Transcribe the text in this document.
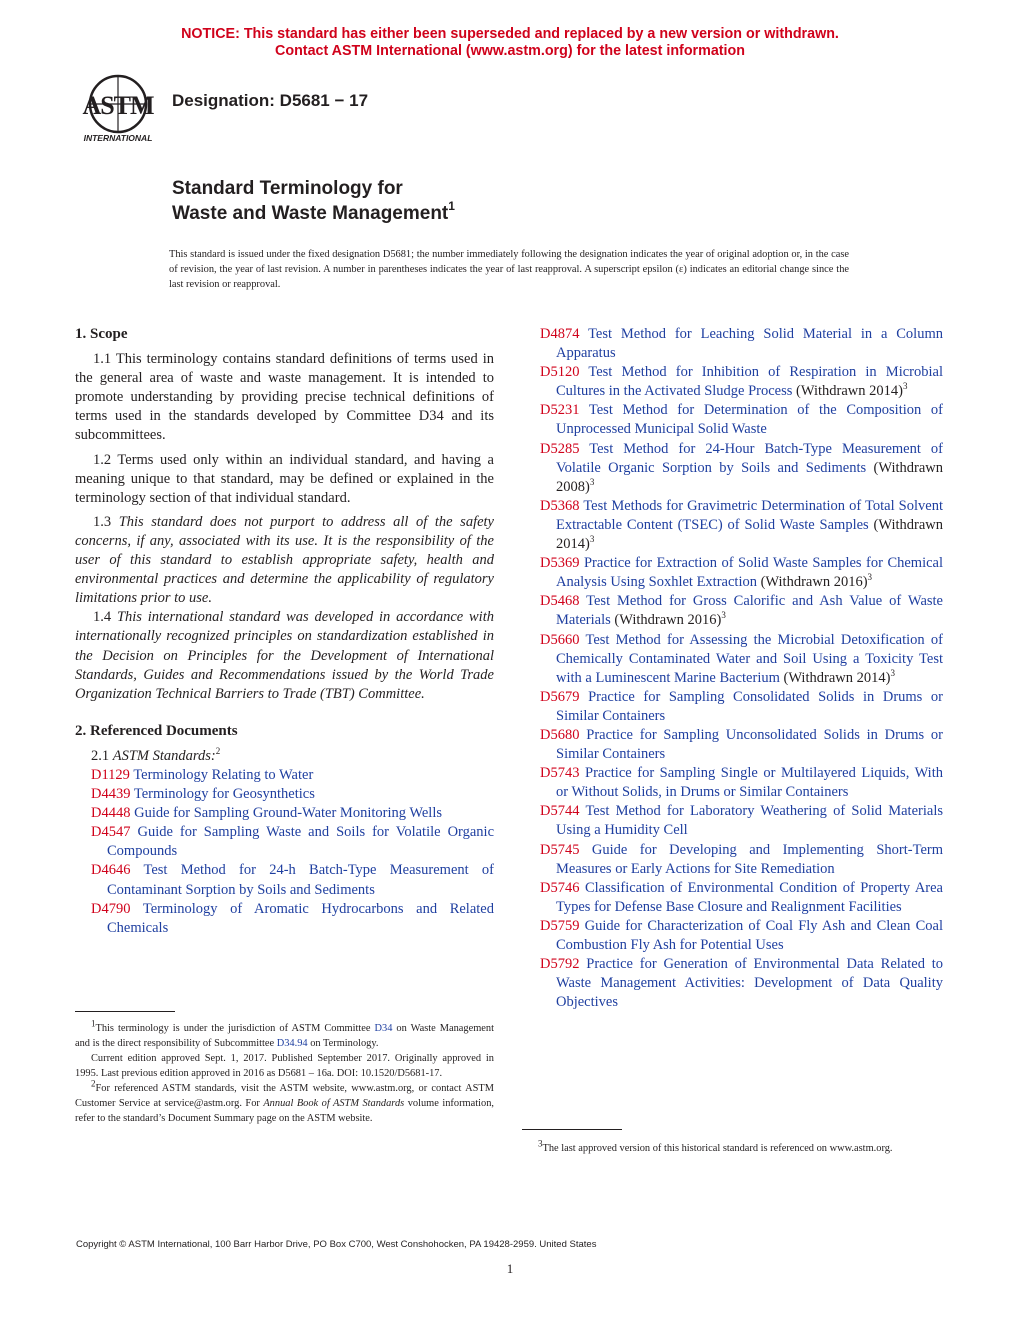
NOTICE: This standard has either been superseded and replaced by a new version or withdrawn.
Contact ASTM International (www.astm.org) for the latest information
ASTM
INTERNATIONAL
Designation: D5681 − 17
Standard Terminology for
Waste and Waste Management$^1$
This standard is issued under the fixed designation D5681; the number immediately following the designation indicates the year of original adoption or, in the case of revision, the year of last revision. A number in parentheses indicates the year of last reapproval. A superscript epsilon (ε) indicates an editorial change since the last revision or reapproval.

1. Scope

1.1 This terminology contains standard definitions of terms used in the general area of waste and waste management. It is intended to promote understanding by providing precise technical definitions of terms used in the standards developed by Committee D34 and its subcommittees.

1.2 Terms used only within an individual standard, and having a meaning unique to that standard, may be defined or explained in the terminology section of that individual standard.

1.3 This standard does not purport to address all of the safety concerns, if any, associated with its use. It is the responsibility of the user of this standard to establish appropriate safety, health and environmental practices and determine the applicability of regulatory limitations prior to use.

1.4 This international standard was developed in accordance with internationally recognized principles on standardization established in the Decision on Principles for the Development of International Standards, Guides and Recommendations issued by the World Trade Organization Technical Barriers to Trade (TBT) Committee.

2. Referenced Documents

2.1 ASTM Standards:$^2$

D1129 Terminology Relating to Water

D4439 Terminology for Geosynthetics

D4448 Guide for Sampling Ground-Water Monitoring Wells

D4547 Guide for Sampling Waste and Soils for Volatile Organic Compounds

D4646 Test Method for 24-h Batch-Type Measurement of Contaminant Sorption by Soils and Sediments

D4790 Terminology of Aromatic Hydrocarbons and Related Chemicals

$^1$This terminology is under the jurisdiction of ASTM Committee D34 on Waste Management and is the direct responsibility of Subcommittee D34.94 on Terminology.

Current edition approved Sept. 1, 2017. Published September 2017. Originally approved in 1995. Last previous edition approved in 2016 as D5681 – 16a. DOI: 10.1520/D5681-17.

$^2$For referenced ASTM standards, visit the ASTM website, www.astm.org, or contact ASTM Customer Service at service@astm.org. For Annual Book of ASTM Standards volume information, refer to the standard’s Document Summary page on the ASTM website.

D4874 Test Method for Leaching Solid Material in a Column Apparatus

D5120 Test Method for Inhibition of Respiration in Microbial Cultures in the Activated Sludge Process (Withdrawn 2014)$^3$

D5231 Test Method for Determination of the Composition of Unprocessed Municipal Solid Waste

D5285 Test Method for 24-Hour Batch-Type Measurement of Volatile Organic Sorption by Soils and Sediments (Withdrawn 2008)$^3$

D5368 Test Methods for Gravimetric Determination of Total Solvent Extractable Content (TSEC) of Solid Waste Samples (Withdrawn 2014)$^3$

D5369 Practice for Extraction of Solid Waste Samples for Chemical Analysis Using Soxhlet Extraction (Withdrawn 2016)$^3$

D5468 Test Method for Gross Calorific and Ash Value of Waste Materials (Withdrawn 2016)$^3$

D5660 Test Method for Assessing the Microbial Detoxification of Chemically Contaminated Water and Soil Using a Toxicity Test with a Luminescent Marine Bacterium (Withdrawn 2014)$^3$

D5679 Practice for Sampling Consolidated Solids in Drums or Similar Containers

D5680 Practice for Sampling Unconsolidated Solids in Drums or Similar Containers

D5743 Practice for Sampling Single or Multilayered Liquids, With or Without Solids, in Drums or Similar Containers

D5744 Test Method for Laboratory Weathering of Solid Materials Using a Humidity Cell

D5745 Guide for Developing and Implementing Short-Term Measures or Early Actions for Site Remediation

D5746 Classification of Environmental Condition of Property Area Types for Defense Base Closure and Realignment Facilities

D5759 Guide for Characterization of Coal Fly Ash and Clean Coal Combustion Fly Ash for Potential Uses

D5792 Practice for Generation of Environmental Data Related to Waste Management Activities: Development of Data Quality Objectives

$^3$The last approved version of this historical standard is referenced on www.astm.org.

Copyright © ASTM International, 100 Barr Harbor Drive, PO Box C700, West Conshohocken, PA 19428-2959. United States
1
